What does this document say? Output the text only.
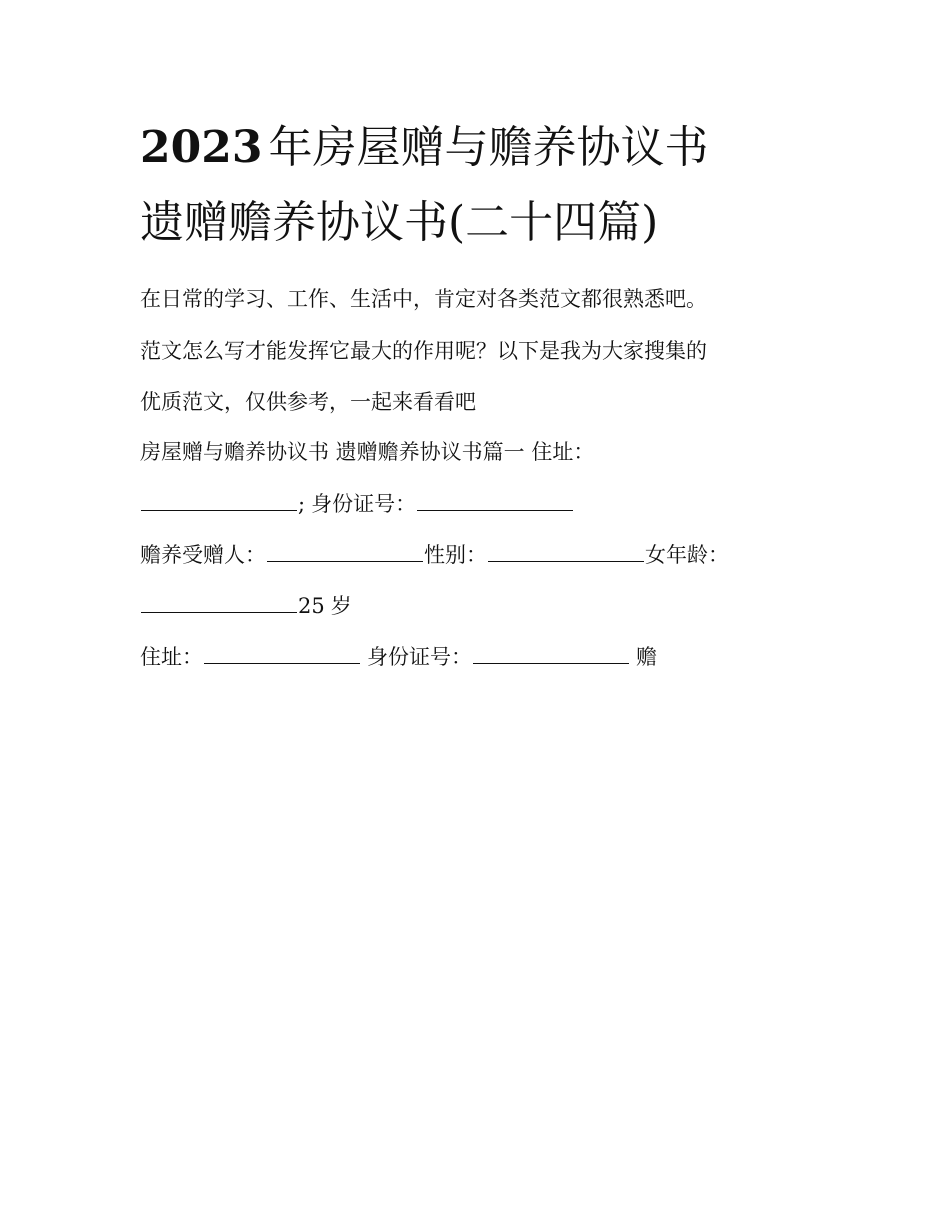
2023 年房屋赠与赡养协议书
遗赠赡养协议书(二十四篇)
在日常的学习、工作、生活中，肯定对各类范文都很熟悉吧。
范文怎么写才能发挥它最大的作用呢？以下是我为大家搜集的
优质范文，仅供参考，一起来看看吧
房屋赠与赡养协议书 遗赠赡养协议书篇一 住址：
; 身份证号：
赡养受赠人：	性别：	女年龄：
25 岁
住址：	身份证号：	赡
